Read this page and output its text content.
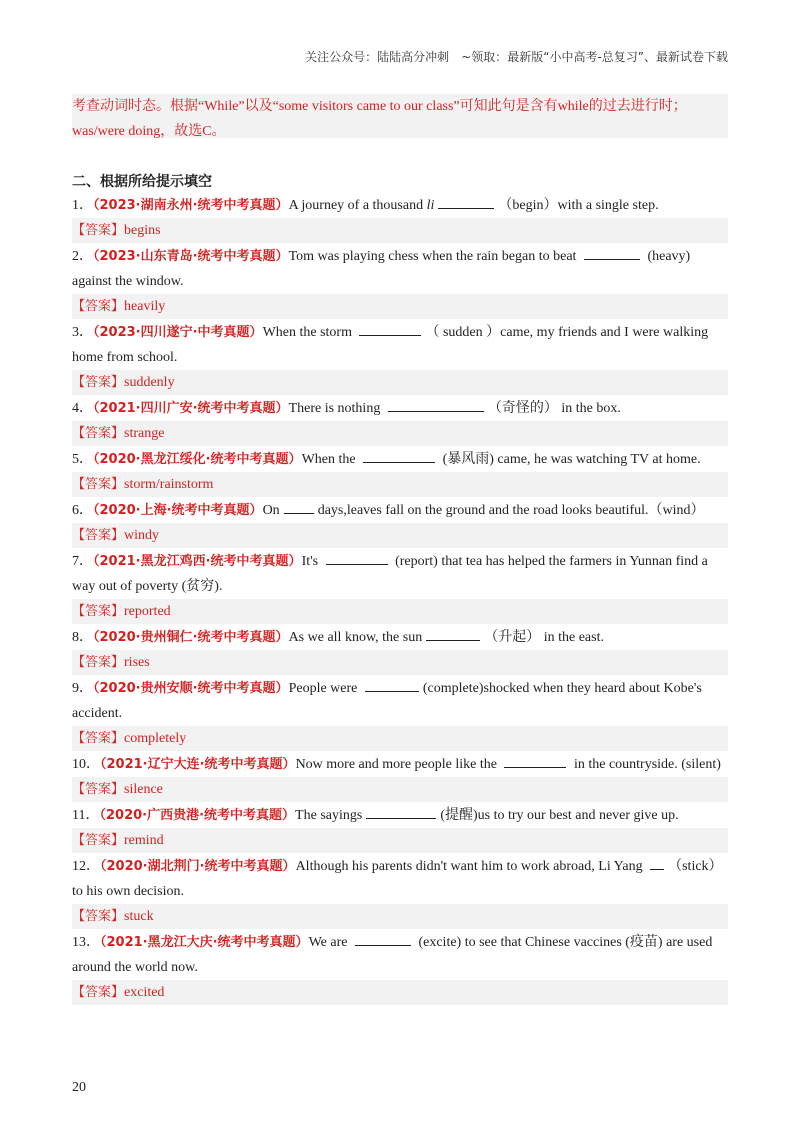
关注公众号：陆陆高分冲刺　~领取：最新版“小中高考-总复习”、最新试卷下载

考查动词时态。根据“While”以及“some visitors came to our class”可知此句是含有while的过去进行时；

was/were doing，故选C。

二、根据所给提示填空

1．（2023·湖南永州·统考中考真题）A journey of a thousand li	（begin）with a single step.

【答案】begins

2．（2023·山东青岛·统考中考真题）Tom was playing chess when the rain began to beat	(heavy) against the window.

【答案】heavily

3．（2023·四川遂宁·中考真题）When the storm	（ sudden ）came, my friends and I were walking home from school.

【答案】suddenly

4．（2021·四川广安·统考中考真题）There is nothing	（奇怪的） in the box.

【答案】strange

5．（2020·黑龙江绥化·统考中考真题）When the	(暴风雨) came, he was watching TV at home.

【答案】storm/rainstorm

6．（2020·上海·统考中考真题）On	days,leaves fall on the ground and the road looks beautiful.（wind）

【答案】windy

7．（2021·黑龙江鸡西·统考中考真题）It's	(report) that tea has helped the farmers in Yunnan find a way out of poverty (贫穷).

【答案】reported

8．（2020·贵州铜仁·统考中考真题）As we all know, the sun	（升起） in the east.

【答案】rises

9．（2020·贵州安顺·统考中考真题）People were	(complete)shocked when they heard about Kobe's accident.

【答案】completely

10．（2021·辽宁大连·统考中考真题）Now more and more people like the	in the countryside. (silent)

【答案】silence

11．（2020·广西贵港·统考中考真题）The sayings	(提醒)us to try our best and never give up.

【答案】remind

12．（2020·湖北荆门·统考中考真题）Although his parents didn't want him to work abroad, Li Yang （stick）to his own decision.

【答案】stuck

13．（2021·黑龙江大庆·统考中考真题）We are	(excite) to see that Chinese vaccines (疫苗) are used around the world now.

【答案】excited
20
